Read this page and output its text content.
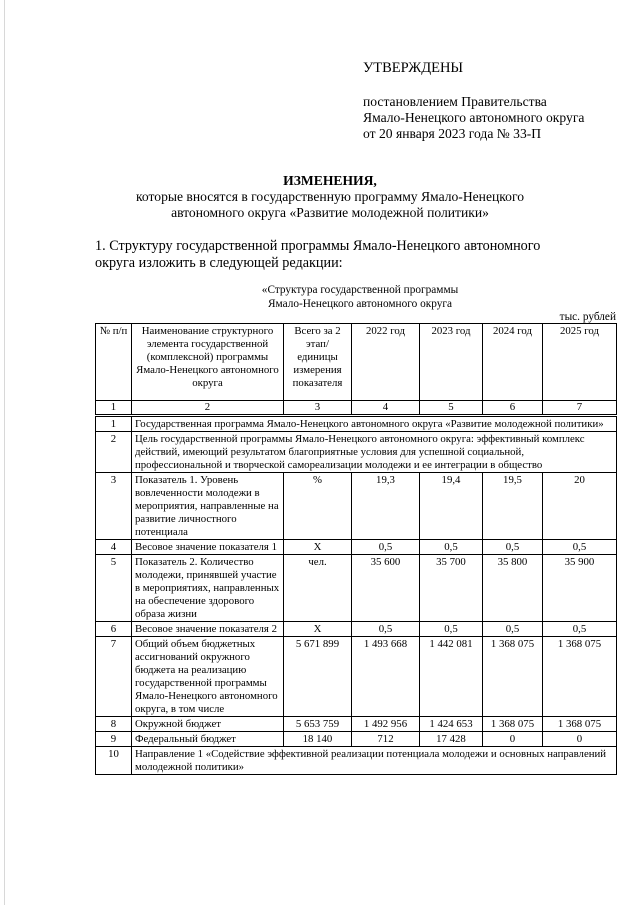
УТВЕРЖДЕНЫ
постановлением Правительства
Ямало-Ненецкого автономного округа
от 20 января 2023 года № 33-П
ИЗМЕНЕНИЯ,
которые вносятся в государственную программу Ямало-Ненецкого
автономного округа «Развитие молодежной политики»
1. Структуру государственной программы Ямало-Ненецкого автономного
округа изложить в следующей редакции:
«Структура государственной программы
Ямало-Ненецкого автономного округа
тыс. рублей
№ п/п	Наименование структурного элемента государственной (комплексной) программы Ямало-Ненецкого автономного округа	Всего за 2 этап/ единицы измерения показателя	2022 год	2023 год	2024 год	2025 год
1	2	3	4	5	6	7
1	Государственная программа Ямало-Ненецкого автономного округа «Развитие молодежной политики»					
2	Цель государственной программы Ямало-Ненецкого автономного округа: эффективный комплекс действий, имеющий результатом благоприятные условия для успешной социальной, профессиональной и творческой самореализации молодежи и ее интеграции в общество					
3	Показатель 1. Уровень вовлеченности молодежи в мероприятия, направленные на развитие личностного потенциала	%	19,3	19,4	19,5	20
4	Весовое значение показателя 1	Х	0,5	0,5	0,5	0,5
5	Показатель 2. Количество молодежи, принявшей участие в мероприятиях, направленных на обеспечение здорового образа жизни	чел.	35 600	35 700	35 800	35 900
6	Весовое значение показателя 2	Х	0,5	0,5	0,5	0,5
7	Общий объем бюджетных ассигнований окружного бюджета на реализацию государственной программы Ямало-Ненецкого автономного округа, в том числе	5 671 899	1 493 668	1 442 081	1 368 075	1 368 075
8	Окружной бюджет	5 653 759	1 492 956	1 424 653	1 368 075	1 368 075
9	Федеральный бюджет	18 140	712	17 428	0	0
10	Направление 1 «Содействие эффективной реализации потенциала молодежи и основных направлений молодежной политики»					
